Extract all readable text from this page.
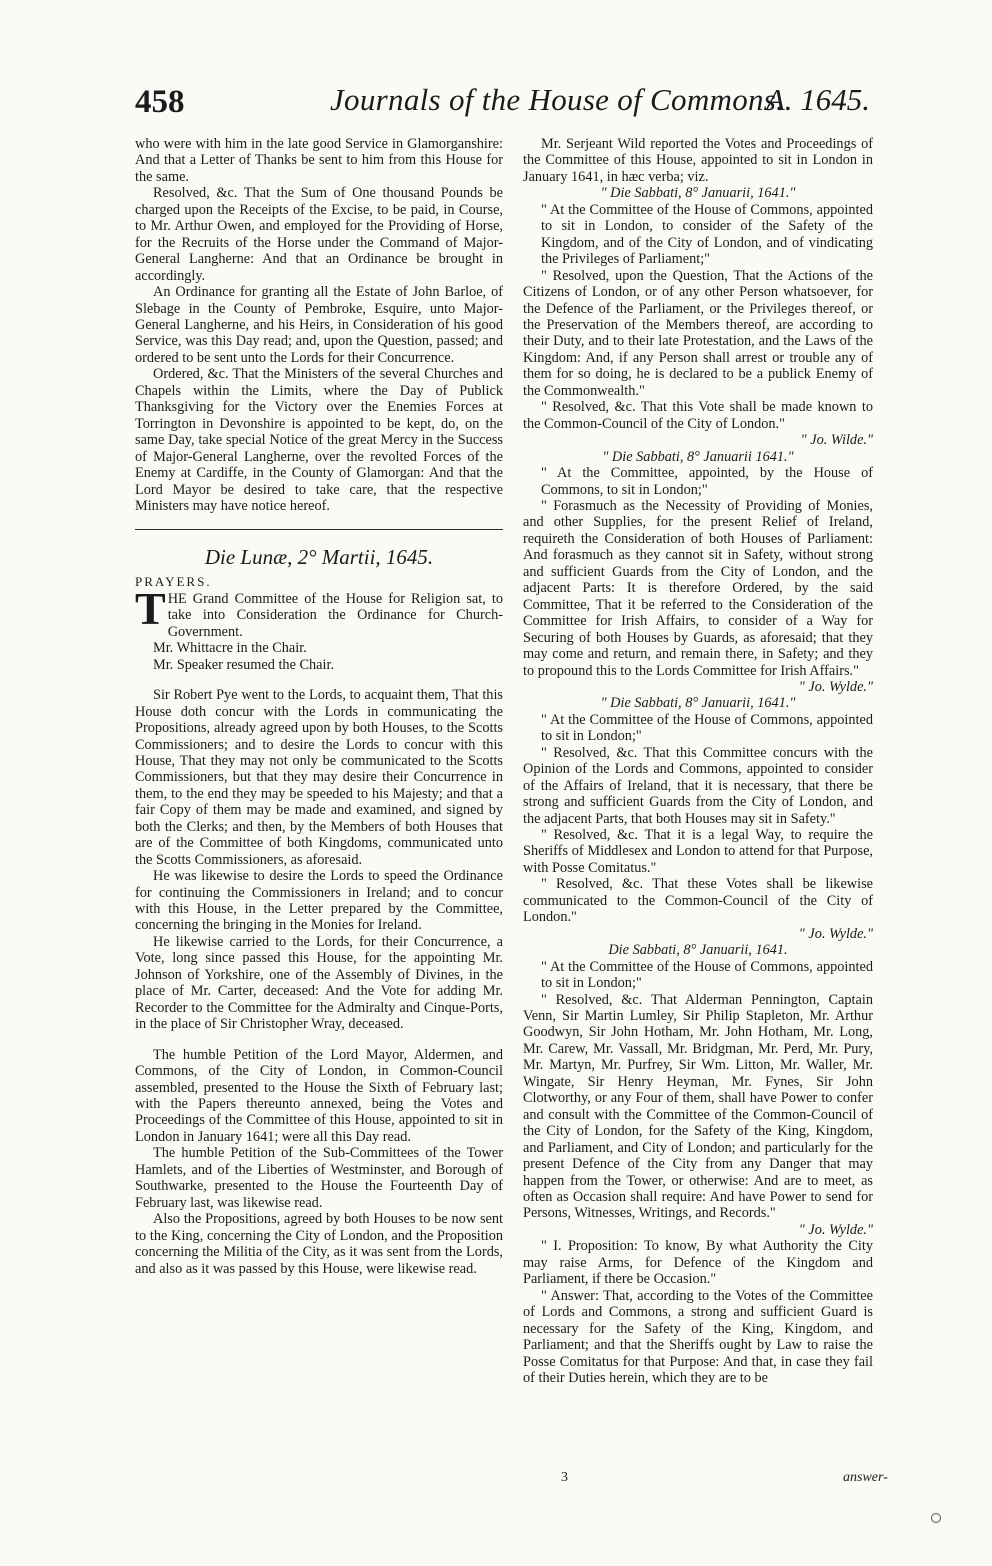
458	Journals of the House of Commons.
A. 1645.

who were with him in the late good Service in Glamorganshire: And that a Letter of Thanks be sent to him from this House for the same.

Resolved, &c. That the Sum of One thousand Pounds be charged upon the Receipts of the Excise, to be paid, in Course, to Mr. Arthur Owen, and employed for the Providing of Horse, for the Recruits of the Horse under the Command of Major-General Langherne: And that an Ordinance be brought in accordingly.

An Ordinance for granting all the Estate of John Barloe, of Slebage in the County of Pembroke, Esquire, unto Major-General Langherne, and his Heirs, in Consideration of his good Service, was this Day read; and, upon the Question, passed; and ordered to be sent unto the Lords for their Concurrence.

Ordered, &c. That the Ministers of the several Churches and Chapels within the Limits, where the Day of Publick Thanksgiving for the Victory over the Enemies Forces at Torrington in Devonshire is appointed to be kept, do, on the same Day, take special Notice of the great Mercy in the Success of Major-General Langherne, over the revolted Forces of the Enemy at Cardiffe, in the County of Glamorgan: And that the Lord Mayor be desired to take care, that the respective Ministers may have notice hereof.

Die Lunæ, 2° Martii, 1645.

PRAYERS.

THE Grand Committee of the House for Religion sat, to take into Consideration the Ordinance for Church-Government.

Mr. Whittacre in the Chair.

Mr. Speaker resumed the Chair.

Sir Robert Pye went to the Lords, to acquaint them, That this House doth concur with the Lords in communicating the Propositions, already agreed upon by both Houses, to the Scotts Commissioners; and to desire the Lords to concur with this House, That they may not only be communicated to the Scotts Commissioners, but that they may desire their Concurrence in them, to the end they may be speeded to his Majesty; and that a fair Copy of them may be made and examined, and signed by both the Clerks; and then, by the Members of both Houses that are of the Committee of both Kingdoms, communicated unto the Scotts Commissioners, as aforesaid.

He was likewise to desire the Lords to speed the Ordinance for continuing the Commissioners in Ireland; and to concur with this House, in the Letter prepared by the Committee, concerning the bringing in the Monies for Ireland.

He likewise carried to the Lords, for their Concurrence, a Vote, long since passed this House, for the appointing Mr. Johnson of Yorkshire, one of the Assembly of Divines, in the place of Mr. Carter, deceased: And the Vote for adding Mr. Recorder to the Committee for the Admiralty and Cinque-Ports, in the place of Sir Christopher Wray, deceased.

The humble Petition of the Lord Mayor, Aldermen, and Commons, of the City of London, in Common-Council assembled, presented to the House the Sixth of February last; with the Papers thereunto annexed, being the Votes and Proceedings of the Committee of this House, appointed to sit in London in January 1641; were all this Day read.

The humble Petition of the Sub-Committees of the Tower Hamlets, and of the Liberties of Westminster, and Borough of Southwarke, presented to the House the Fourteenth Day of February last, was likewise read.

Also the Propositions, agreed by both Houses to be now sent to the King, concerning the City of London, and the Proposition concerning the Militia of the City, as it was sent from the Lords, and also as it was passed by this House, were likewise read.

Mr. Serjeant Wild reported the Votes and Proceedings of the Committee of this House, appointed to sit in London in January 1641, in hæc verba; viz.

" Die Sabbati, 8° Januarii, 1641."

" At the Committee of the House of Commons, appointed to sit in London, to consider of the Safety of the Kingdom, and of the City of London, and of vindicating the Privileges of Parliament;"

" Resolved, upon the Question, That the Actions of the Citizens of London, or of any other Person whatsoever, for the Defence of the Parliament, or the Privileges thereof, or the Preservation of the Members thereof, are according to their Duty, and to their late Protestation, and the Laws of the Kingdom: And, if any Person shall arrest or trouble any of them for so doing, he is declared to be a publick Enemy of the Commonwealth."

" Resolved, &c. That this Vote shall be made known to the Common-Council of the City of London."

" Jo. Wilde."

" Die Sabbati, 8° Januarii 1641."

" At the Committee, appointed, by the House of Commons, to sit in London;"

" Forasmuch as the Necessity of Providing of Monies, and other Supplies, for the present Relief of Ireland, requireth the Consideration of both Houses of Parliament: And forasmuch as they cannot sit in Safety, without strong and sufficient Guards from the City of London, and the adjacent Parts: It is therefore Ordered, by the said Committee, That it be referred to the Consideration of the Committee for Irish Affairs, to consider of a Way for Securing of both Houses by Guards, as aforesaid; that they may come and return, and remain there, in Safety; and they to propound this to the Lords Committee for Irish Affairs."

" Jo. Wylde."

" Die Sabbati, 8° Januarii, 1641."

" At the Committee of the House of Commons, appointed to sit in London;"

" Resolved, &c. That this Committee concurs with the Opinion of the Lords and Commons, appointed to consider of the Affairs of Ireland, that it is necessary, that there be strong and sufficient Guards from the City of London, and the adjacent Parts, that both Houses may sit in Safety."

" Resolved, &c. That it is a legal Way, to require the Sheriffs of Middlesex and London to attend for that Purpose, with Posse Comitatus."

" Resolved, &c. That these Votes shall be likewise communicated to the Common-Council of the City of London."

" Jo. Wylde."

Die Sabbati, 8° Januarii, 1641.

" At the Committee of the House of Commons, appointed to sit in London;"

" Resolved, &c. That Alderman Pennington, Captain Venn, Sir Martin Lumley, Sir Philip Stapleton, Mr. Arthur Goodwyn, Sir John Hotham, Mr. John Hotham, Mr. Long, Mr. Carew, Mr. Vassall, Mr. Bridgman, Mr. Perd, Mr. Pury, Mr. Martyn, Mr. Purfrey, Sir Wm. Litton, Mr. Waller, Mr. Wingate, Sir Henry Heyman, Mr. Fynes, Sir John Clotworthy, or any Four of them, shall have Power to confer and consult with the Committee of the Common-Council of the City of London, for the Safety of the King, Kingdom, and Parliament, and City of London; and particularly for the present Defence of the City from any Danger that may happen from the Tower, or otherwise: And are to meet, as often as Occasion shall require: And have Power to send for Persons, Witnesses, Writings, and Records."

" Jo. Wylde."

" I. Proposition: To know, By what Authority the City may raise Arms, for Defence of the Kingdom and Parliament, if there be Occasion."

" Answer: That, according to the Votes of the Committee of Lords and Commons, a strong and sufficient Guard is necessary for the Safety of the King, Kingdom, and Parliament; and that the Sheriffs ought by Law to raise the Posse Comitatus for that Purpose: And that, in case they fail of their Duties herein, which they are to be

3	answer-
